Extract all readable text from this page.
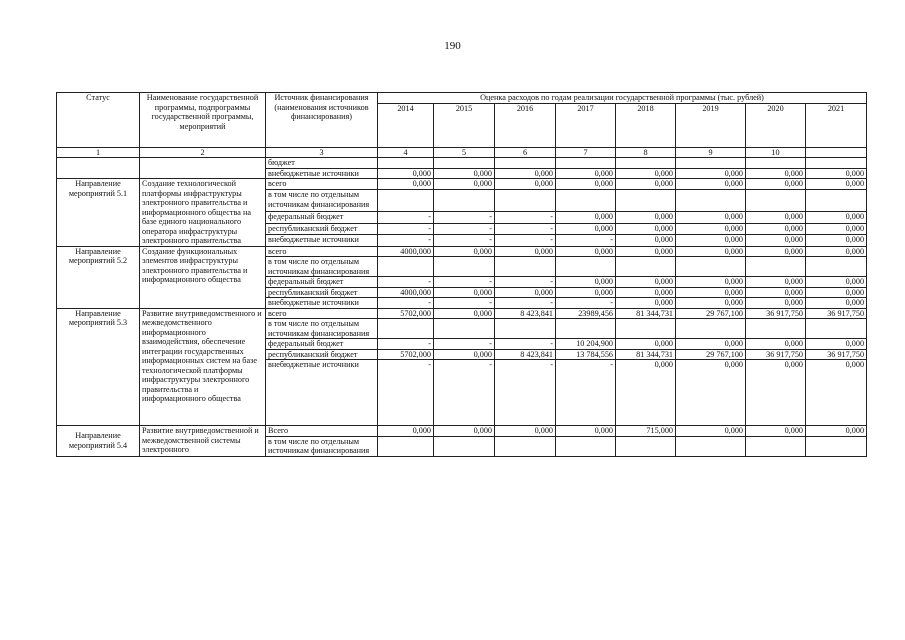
190
Статус	Наименование государственной программы, подпрограммы государственной программы, мероприятий	Источник финансирования (наименования источников финансирования)	Оценка расходов по годам реализации государственной программы (тыс. рублей)							
			2014	2015	2016	2017	2018	2019	2020	2021
1	2	3	4	5	6	7	8	9	10	
		бюджет								
		внебюджетные источники	0,000	0,000	0,000	0,000	0,000	0,000	0,000	0,000
Направление мероприятий 5.1	Создание технологической платформы инфраструктуры электронного правительства и информационного общества на базе единого национального оператора инфраструктуры электронного правительства	всего	0,000	0,000	0,000	0,000	0,000	0,000	0,000	0,000
		в том числе по отдельным источникам финансирования								
		федеральный бюджет	-	-	-	0,000	0,000	0,000	0,000	0,000
		республиканский бюджет	-	-	-	0,000	0,000	0,000	0,000	0,000
		внебюджетные источники	-	-	-	-	0,000	0,000	0,000	0,000
Направление мероприятий 5.2	Создание функциональных элементов инфраструктуры электронного правительства и информационного общества	всего	4000,000	0,000	0,000	0,000	0,000	0,000	0,000	0,000
		в том числе по отдельным источникам финансирования								
		федеральный бюджет	-	-	-	0,000	0,000	0,000	0,000	0,000
		республиканский бюджет	4000,000	0,000	0,000	0,000	0,000	0,000	0,000	0,000
		внебюджетные источники	-	-	-	-	0,000	0,000	0,000	0,000
Направление мероприятий 5.3	Развитие внутриведомственного и межведомственного информационного взаимодействия, обеспечение интеграции государственных информационных систем на базе технологической платформы инфраструктуры электронного правительства и информационного общества	всего	5702,000	0,000	8 423,841	23989,456	81 344,731	29 767,100	36 917,750	36 917,750
		в том числе по отдельным источникам финансирования								
		федеральный бюджет	-	-	-	10 204,900	0,000	0,000	0,000	0,000
		республиканский бюджет	5702,000	0,000	8 423,841	13 784,556	81 344,731	29 767,100	36 917,750	36 917,750
		внебюджетные источники	-	-	-	-	0,000	0,000	0,000	0,000
Направление мероприятий 5.4	Развитие внутриведомственной и межведомственной системы электронного	Всего	0,000	0,000	0,000	0,000	715,000	0,000	0,000	0,000
		в том числе по отдельным источникам финансирования								
